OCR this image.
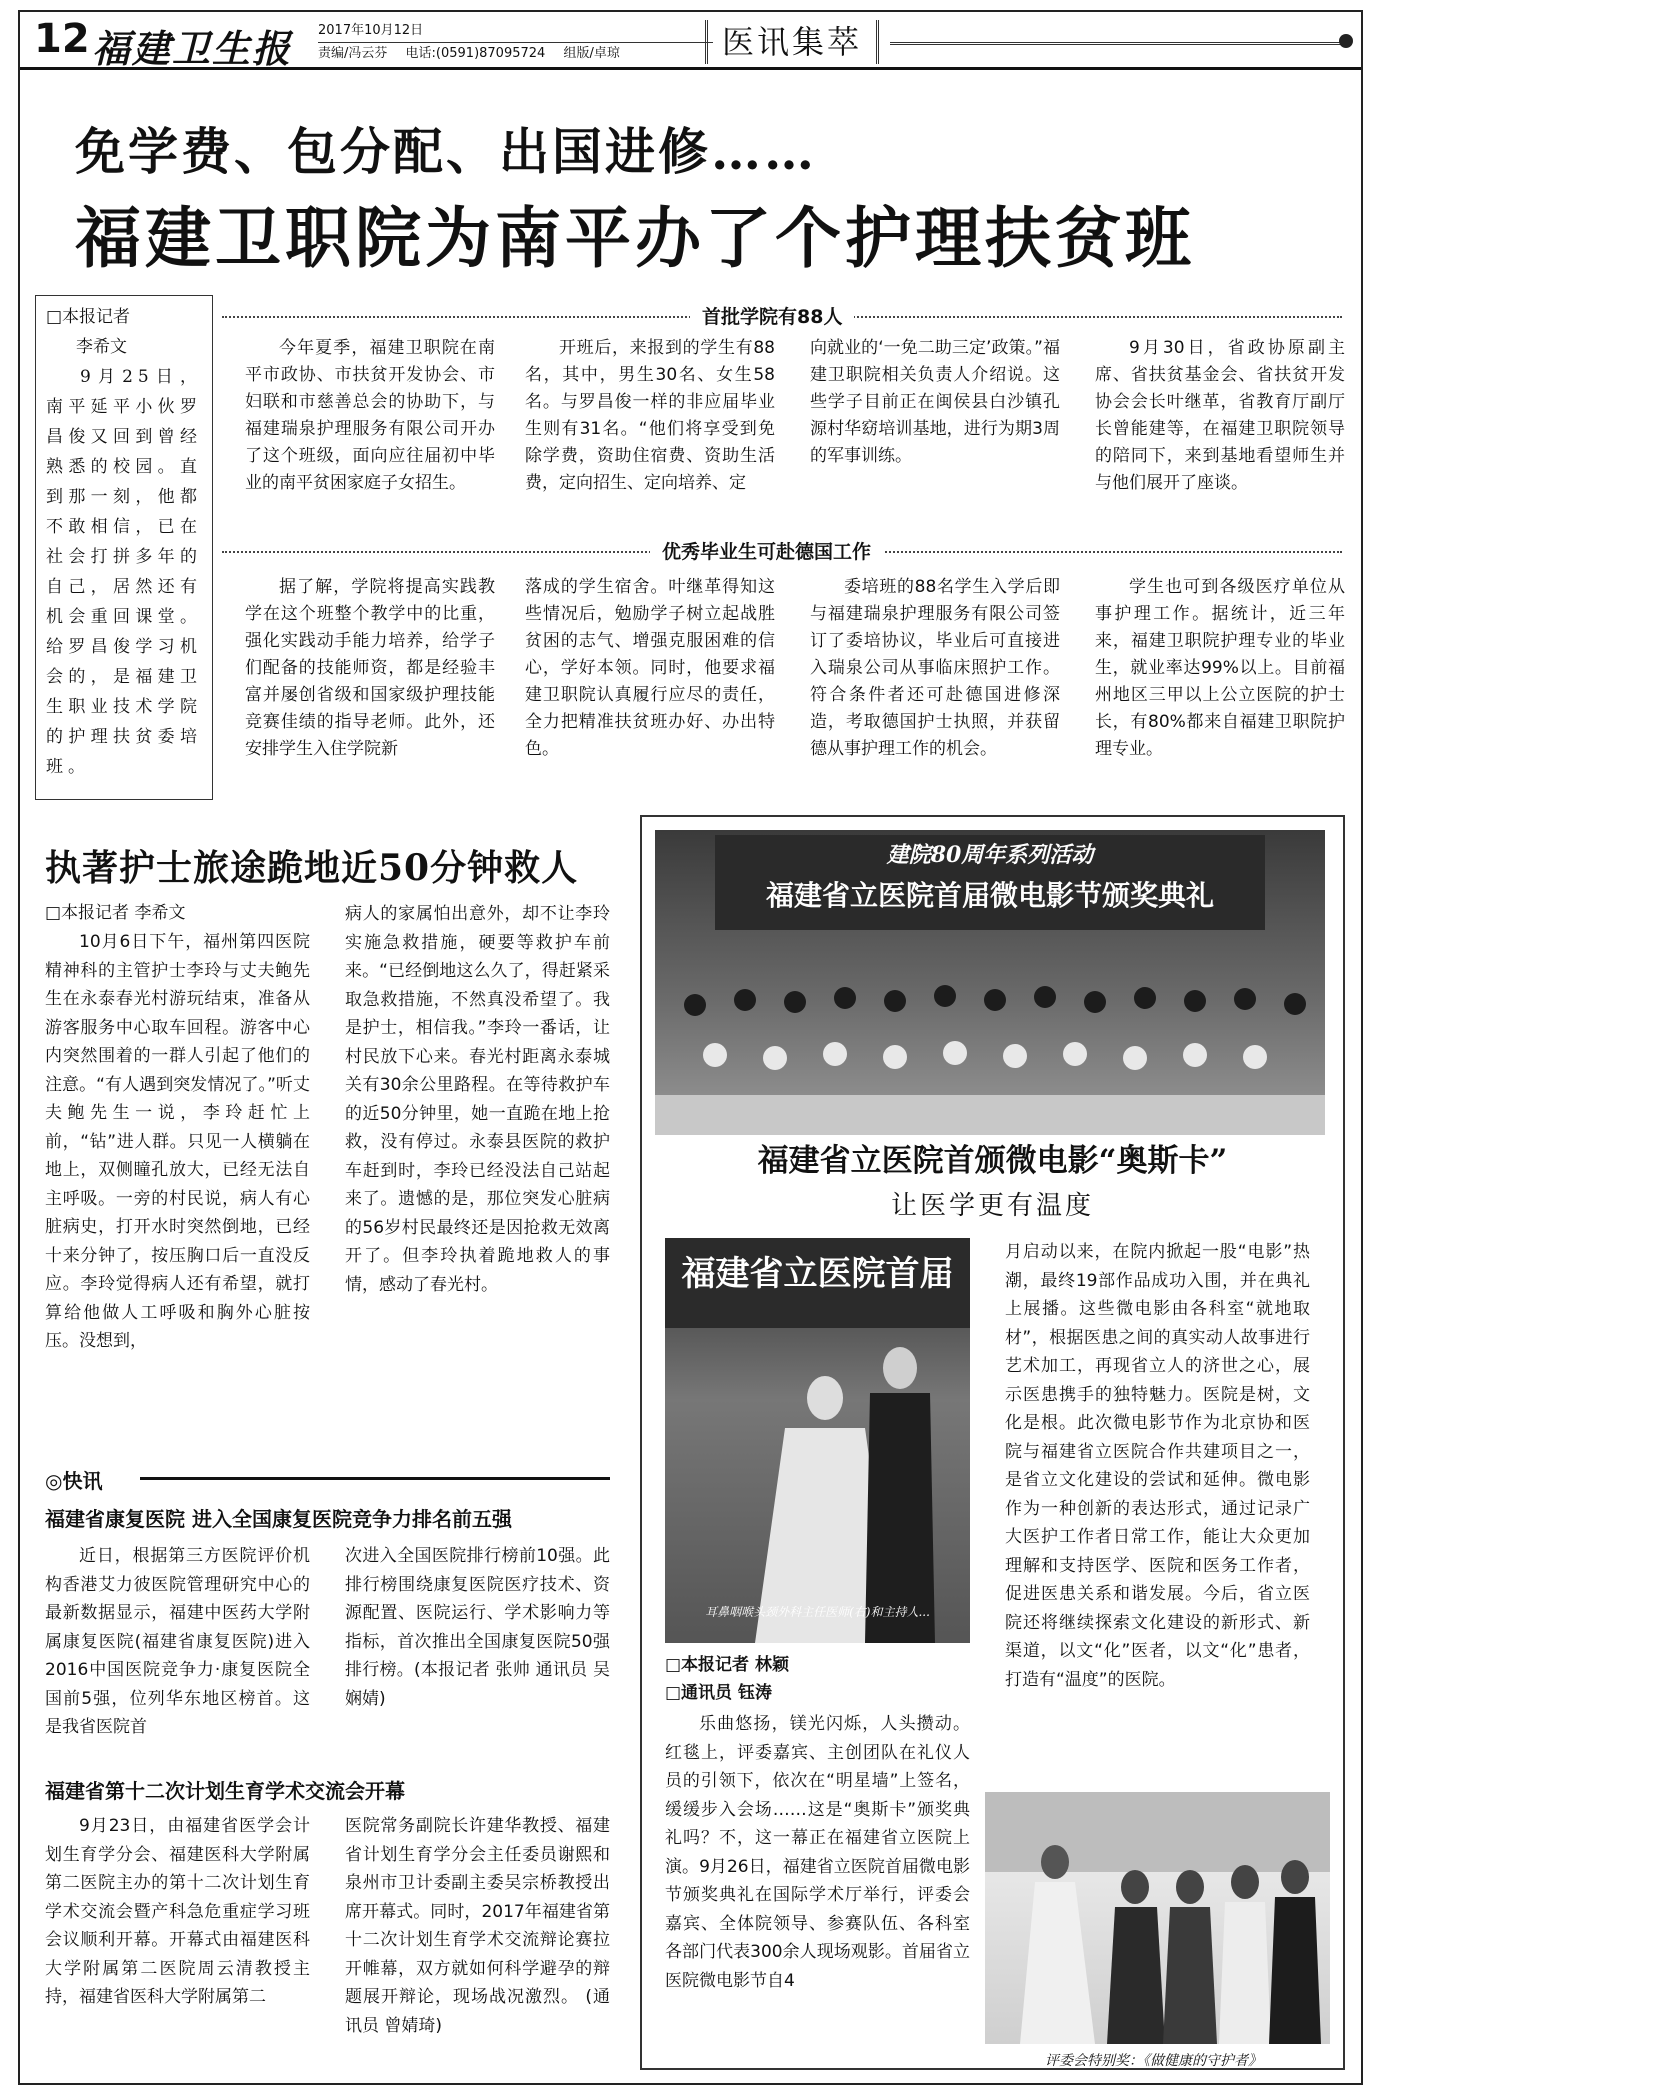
12 福建卫生报 2017年10月12日
责编/冯云芬 电话:(0591)87095724 组版/卓琼	医讯集萃
免学费、包分配、出国进修……
福建卫职院为南平办了个护理扶贫班
□本报记者
李希文
9月25日，南平延平小伙罗昌俊又回到曾经熟悉的校园。直到那一刻，他都不敢相信，已在社会打拼多年的自己，居然还有机会重回课堂。给罗昌俊学习机会的，是福建卫生职业技术学院的护理扶贫委培班。
首批学院有88人
今年夏季，福建卫职院在南平市政协、市扶贫开发协会、市妇联和市慈善总会的协助下，与福建瑞泉护理服务有限公司开办了这个班级，面向应往届初中毕业的南平贫困家庭子女招生。
开班后，来报到的学生有88名，其中，男生30名、女生58名。与罗昌俊一样的非应届毕业生则有31名。“他们将享受到免除学费，资助住宿费、资助生活费，定向招生、定向培养、定
向就业的‘一免二助三定’政策。”福建卫职院相关负责人介绍说。这些学子目前正在闽侯县白沙镇孔源村华窈培训基地，进行为期3周的军事训练。
9月30日，省政协原副主席、省扶贫基金会、省扶贫开发协会会长叶继革，省教育厅副厅长曾能建等，在福建卫职院领导的陪同下，来到基地看望师生并与他们展开了座谈。
优秀毕业生可赴德国工作
据了解，学院将提高实践教学在这个班整个教学中的比重，强化实践动手能力培养，给学子们配备的技能师资，都是经验丰富并屡创省级和国家级护理技能竞赛佳绩的指导老师。此外，还安排学生入住学院新
落成的学生宿舍。叶继革得知这些情况后，勉励学子树立起战胜贫困的志气、增强克服困难的信心，学好本领。同时，他要求福建卫职院认真履行应尽的责任，全力把精准扶贫班办好、办出特色。
委培班的88名学生入学后即与福建瑞泉护理服务有限公司签订了委培协议，毕业后可直接进入瑞泉公司从事临床照护工作。符合条件者还可赴德国进修深造，考取德国护士执照，并获留德从事护理工作的机会。
学生也可到各级医疗单位从事护理工作。据统计，近三年来，福建卫职院护理专业的毕业生，就业率达99%以上。目前福州地区三甲以上公立医院的护士长，有80%都来自福建卫职院护理专业。
执著护士旅途跪地近50分钟救人
□本报记者 李希文
10月6日下午，福州第四医院精神科的主管护士李玲与丈夫鲍先生在永泰春光村游玩结束，准备从游客服务中心取车回程。游客中心内突然围着的一群人引起了他们的注意。“有人遇到突发情况了。”听丈夫鲍先生一说，李玲赶忙上前，“钻”进人群。只见一人横躺在地上，双侧瞳孔放大，已经无法自主呼吸。一旁的村民说，病人有心脏病史，打开水时突然倒地，已经十来分钟了，按压胸口后一直没反应。李玲觉得病人还有希望，就打算给他做人工呼吸和胸外心脏按压。没想到，
病人的家属怕出意外，却不让李玲实施急救措施，硬要等救护车前来。“已经倒地这么久了，得赶紧采取急救措施，不然真没希望了。我是护士，相信我。”李玲一番话，让村民放下心来。春光村距离永泰城关有30余公里路程。在等待救护车的近50分钟里，她一直跪在地上抢救，没有停过。永泰县医院的救护车赶到时，李玲已经没法自己站起来了。遗憾的是，那位突发心脏病的56岁村民最终还是因抢救无效离开了。但李玲执着跪地救人的事情，感动了春光村。
◎快讯
福建省康复医院 进入全国康复医院竞争力排名前五强
近日，根据第三方医院评价机构香港艾力彼医院管理研究中心的最新数据显示，福建中医药大学附属康复医院(福建省康复医院)进入2016中国医院竞争力·康复医院全国前5强，位列华东地区榜首。这是我省医院首
次进入全国医院排行榜前10强。此排行榜围绕康复医院医疗技术、资源配置、医院运行、学术影响力等指标，首次推出全国康复医院50强排行榜。(本报记者 张帅 通讯员 吴娴婧)
福建省第十二次计划生育学术交流会开幕
9月23日，由福建省医学会计划生育学分会、福建医科大学附属第二医院主办的第十二次计划生育学术交流会暨产科急危重症学习班会议顺利开幕。开幕式由福建医科大学附属第二医院周云清教授主持，福建省医科大学附属第二
医院常务副院长许建华教授、福建省计划生育学分会主任委员谢熙和泉州市卫计委副主委吴宗桥教授出席开幕式。同时，2017年福建省第十二次计划生育学术交流辩论赛拉开帷幕，双方就如何科学避孕的辩题展开辩论，现场战况激烈。 (通讯员 曾婧琦)
建院80周年系列活动
福建省立医院首届微电影节颁奖典礼
福建省立医院首颁微电影“奥斯卡”
让医学更有温度
福建省立医院首届
耳鼻咽喉头颈外科主任医师(右)和主持人...
□本报记者 林颖
□通讯员 钰涛
乐曲悠扬，镁光闪烁，人头攒动。红毯上，评委嘉宾、主创团队在礼仪人员的引领下，依次在“明星墙”上签名，缓缓步入会场……这是“奥斯卡”颁奖典礼吗？不，这一幕正在福建省立医院上演。9月26日，福建省立医院首届微电影节颁奖典礼在国际学术厅举行，评委会嘉宾、全体院领导、参赛队伍、各科室各部门代表300余人现场观影。首届省立医院微电影节自4
月启动以来，在院内掀起一股“电影”热潮，最终19部作品成功入围，并在典礼上展播。这些微电影由各科室“就地取材”，根据医患之间的真实动人故事进行艺术加工，再现省立人的济世之心，展示医患携手的独特魅力。医院是树，文化是根。此次微电影节作为北京协和医院与福建省立医院合作共建项目之一，是省立文化建设的尝试和延伸。微电影作为一种创新的表达形式，通过记录广大医护工作者日常工作，能让大众更加理解和支持医学、医院和医务工作者，促进医患关系和谐发展。今后，省立医院还将继续探索文化建设的新形式、新渠道，以文“化”医者，以文“化”患者，打造有“温度”的医院。
评委会特别奖：《做健康的守护者》
